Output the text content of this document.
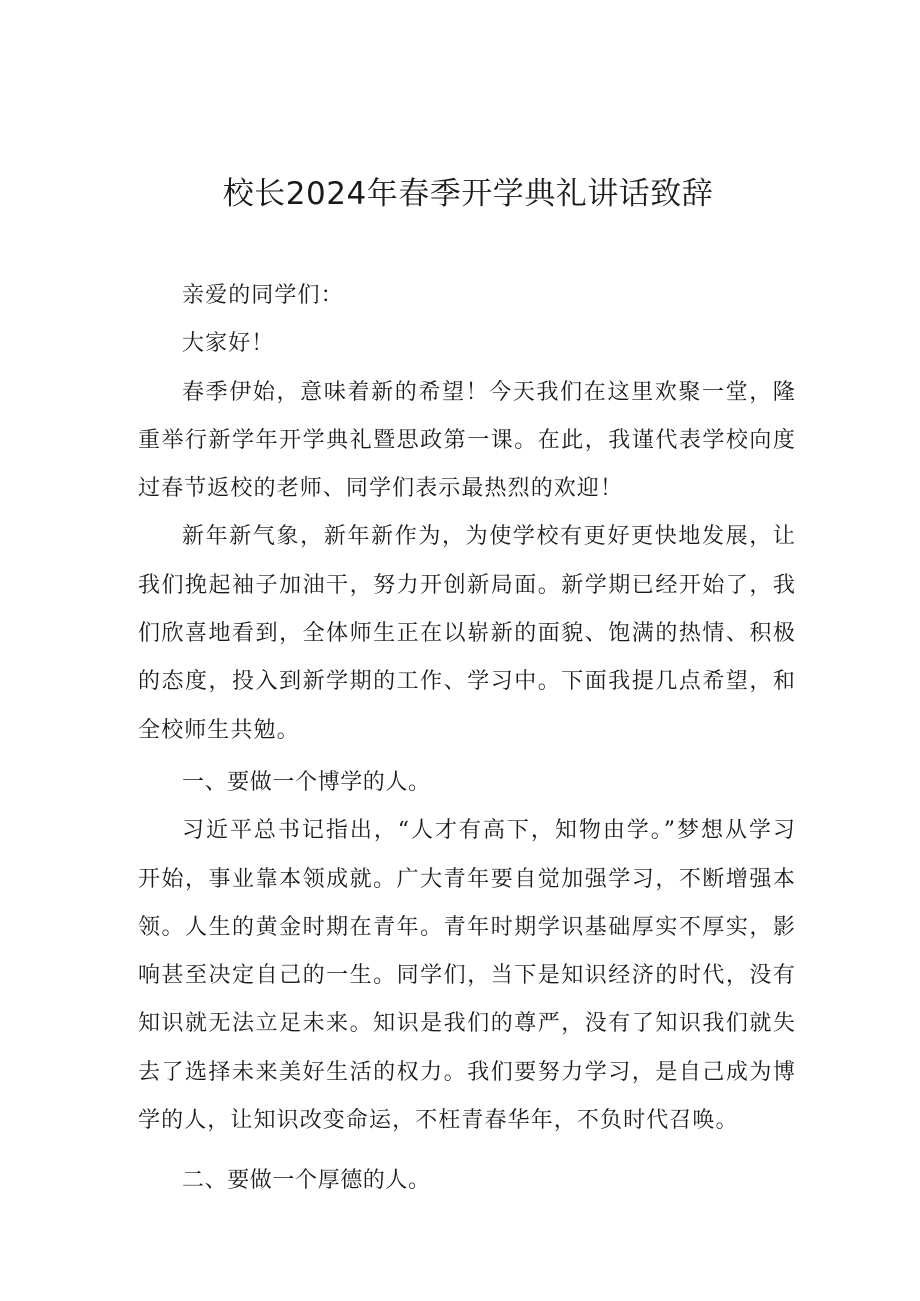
校长2024年春季开学典礼讲话致辞

亲爱的同学们：

大家好！

春季伊始，意味着新的希望！今天我们在这里欢聚一堂，隆重举行新学年开学典礼暨思政第一课。在此，我谨代表学校向度过春节返校的老师、同学们表示最热烈的欢迎！

新年新气象，新年新作为，为使学校有更好更快地发展，让我们挽起袖子加油干，努力开创新局面。新学期已经开始了，我们欣喜地看到，全体师生正在以崭新的面貌、饱满的热情、积极的态度，投入到新学期的工作、学习中。下面我提几点希望，和全校师生共勉。

一、要做一个博学的人。

习近平总书记指出，“人才有高下，知物由学。”梦想从学习开始，事业靠本领成就。广大青年要自觉加强学习，不断增强本领。人生的黄金时期在青年。青年时期学识基础厚实不厚实，影响甚至决定自己的一生。同学们，当下是知识经济的时代，没有知识就无法立足未来。知识是我们的尊严，没有了知识我们就失去了选择未来美好生活的权力。我们要努力学习，是自己成为博学的人，让知识改变命运，不枉青春华年，不负时代召唤。

二、要做一个厚德的人。
